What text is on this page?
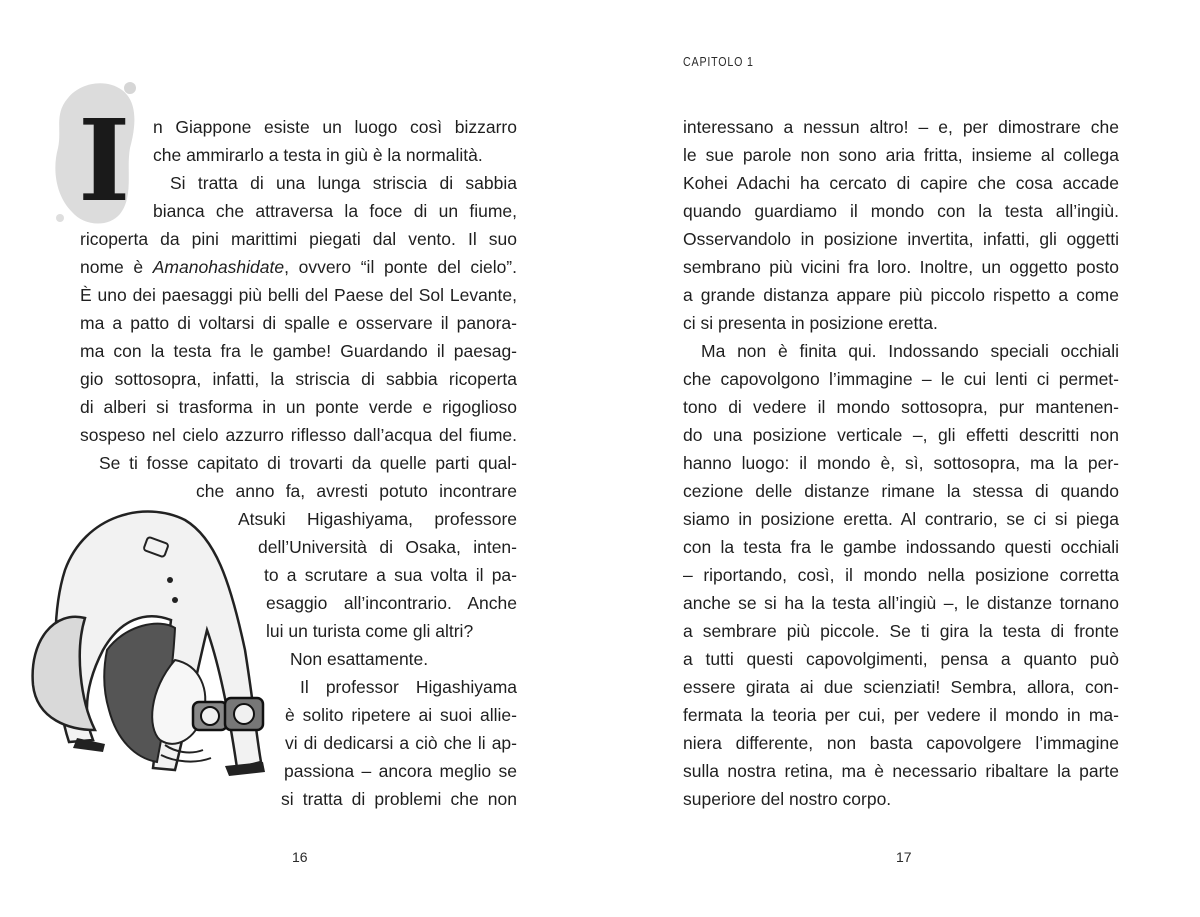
I n Giappone esiste un luogo così bizzarro
che ammirarlo a testa in giù è la normalità.
Si tratta di una lunga striscia di sabbia
bianca che attraversa la foce di un fiume,
ricoperta da pini marittimi piegati dal vento. Il suo
nome è Amanohashidate, ovvero “il ponte del cielo”.
È uno dei paesaggi più belli del Paese del Sol Levante,
ma a patto di voltarsi di spalle e osservare il panora-
ma con la testa fra le gambe! Guardando il paesag-
gio sottosopra, infatti, la striscia di sabbia ricoperta
di alberi si trasforma in un ponte verde e rigoglioso
sospeso nel cielo azzurro riflesso dall’acqua del fiume.
Se ti fosse capitato di trovarti da quelle parti qual-
che anno fa, avresti potuto incontrare
Atsuki Higashiyama, professore
dell’Università di Osaka, inten-
to a scrutare a sua volta il pa-
esaggio all’incontrario. Anche
lui un turista come gli altri?
Non esattamente.
Il professor Higashiyama
è solito ripetere ai suoi allie-
vi di dedicarsi a ciò che li ap-
passiona – ancora meglio se
si tratta di problemi che non
16
CAPITOLO 1
interessano a nessun altro! – e, per dimostrare che
le sue parole non sono aria fritta, insieme al collega
Kohei Adachi ha cercato di capire che cosa accade
quando guardiamo il mondo con la testa all’ingiù.
Osservandolo in posizione invertita, infatti, gli oggetti
sembrano più vicini fra loro. Inoltre, un oggetto posto
a grande distanza appare più piccolo rispetto a come
ci si presenta in posizione eretta.
Ma non è finita qui. Indossando speciali occhiali
che capovolgono l’immagine – le cui lenti ci permet-
tono di vedere il mondo sottosopra, pur mantenen-
do una posizione verticale –, gli effetti descritti non
hanno luogo: il mondo è, sì, sottosopra, ma la per-
cezione delle distanze rimane la stessa di quando
siamo in posizione eretta. Al contrario, se ci si piega
con la testa fra le gambe indossando questi occhiali
– riportando, così, il mondo nella posizione corretta
anche se si ha la testa all’ingiù –, le distanze tornano
a sembrare più piccole. Se ti gira la testa di fronte
a tutti questi capovolgimenti, pensa a quanto può
essere girata ai due scienziati! Sembra, allora, con-
fermata la teoria per cui, per vedere il mondo in ma-
niera differente, non basta capovolgere l’immagine
sulla nostra retina, ma è necessario ribaltare la parte
superiore del nostro corpo.
17
